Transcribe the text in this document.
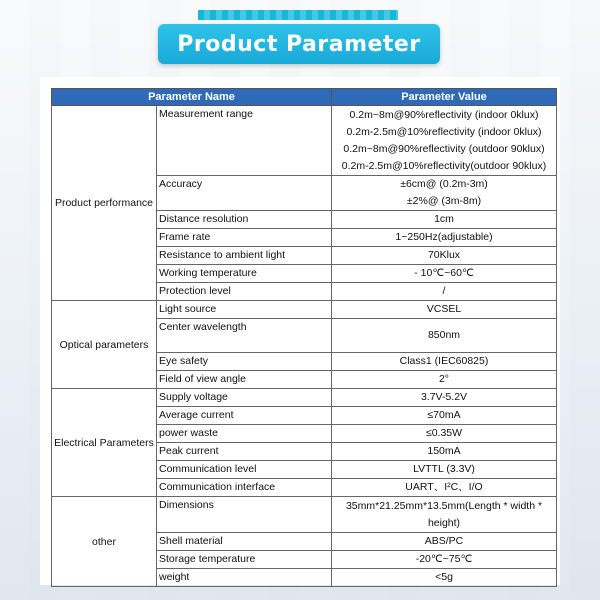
Product Parameter
Parameter Name		Parameter Value
Product performance	Measurement range	0.2m~8m@90%reflectivity (indoor 0klux)
0.2m-2.5m@10%reflectivity (indoor 0klux)
0.2m~8m@90%reflectivity (outdoor 90klux)
0.2m-2.5m@10%reflectivity(outdoor 90klux)

	Accuracy	±6cm@ (0.2m-3m)
±2%@ (3m-8m)

	Distance resolution	1cm

	Frame rate	1~250Hz(adjustable)

	Resistance to ambient light	70Klux

	Working temperature	- 10℃~60℃

	Protection level	/

Optical parameters	Light source	VCSEL

	Center wavelength	850nm

	Eye safety	Class1 (IEC60825)

	Field of view angle	2°

Electrical Parameters	Supply voltage	3.7V-5.2V

	Average current	≤70mA

	power waste	≤0.35W

	Peak current	150mA

	Communication level	LVTTL (3.3V)

	Communication interface	UART、I²C、I/O

other	Dimensions	35mm*21.25mm*13.5mm(Length * width *
height)

	Shell material	ABS/PC

	Storage temperature	-20℃~75℃

	weight	<5g
